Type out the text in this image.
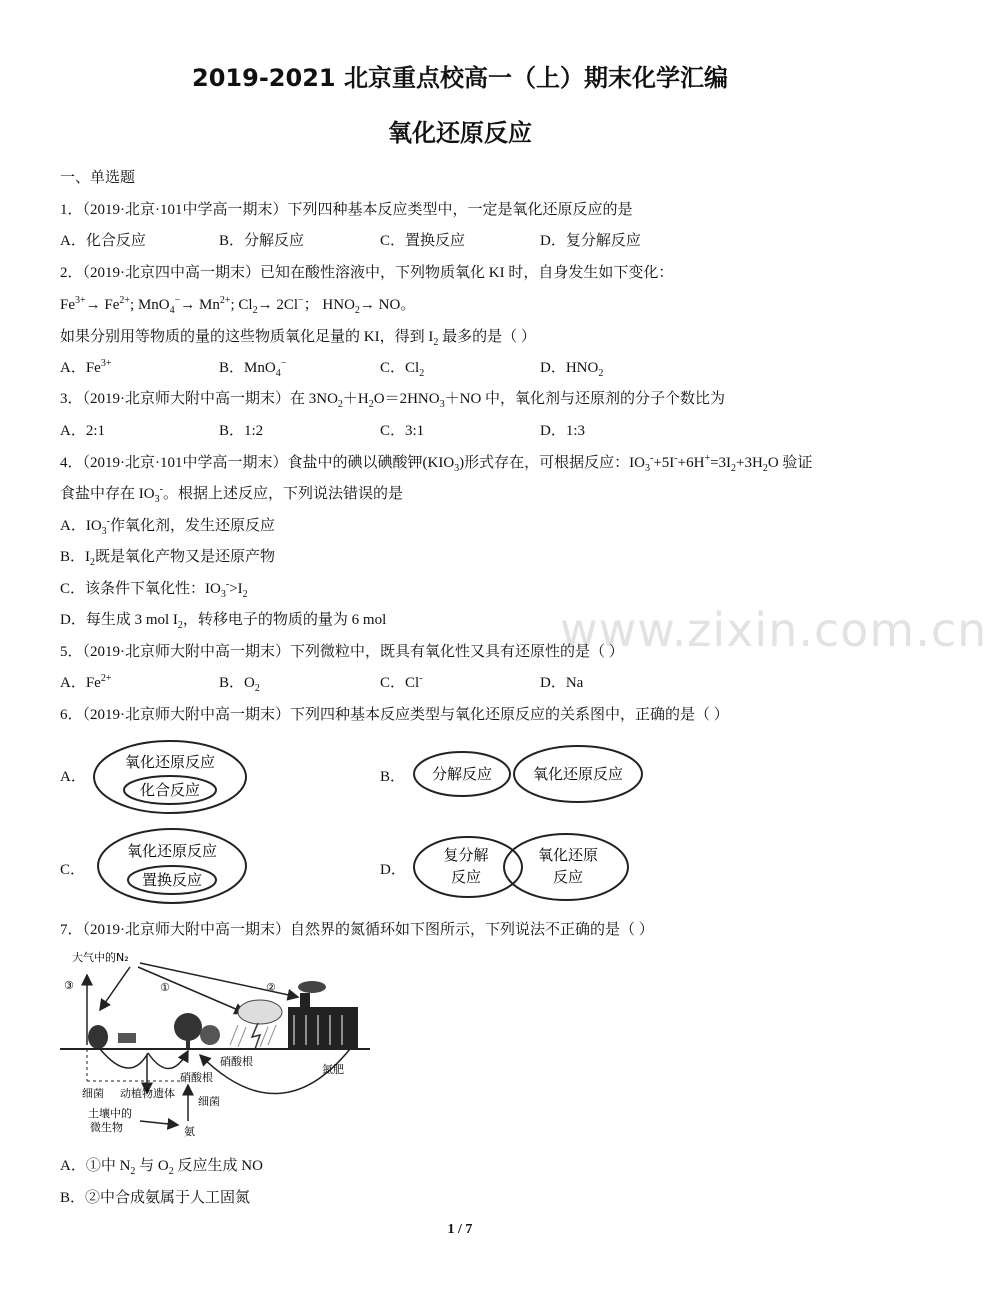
2019-2021 北京重点校高一（上）期末化学汇编
氧化还原反应
一、单选题
1．（2019·北京·101中学高一期末）下列四种基本反应类型中，一定是氧化还原反应的是
A．化合反应	B．分解反应	C．置换反应	D．复分解反应
2．（2019·北京四中高一期末）已知在酸性溶液中，下列物质氧化 KI 时，自身发生如下变化：
$Fe^{3+}\to Fe^{2+}$; $MnO_4^-\to Mn^{2+}$; $Cl_2\to 2Cl^-$； $HNO_2\to$ NO。
如果分别用等物质的量的这些物质氧化足量的 KI，得到 $I_2$ 最多的是（ ）
A．$Fe^{3+}$	B．MnO$_4$−	C．$Cl_2$	D．$HNO_2$
3．（2019·北京师大附中高一期末）在 $3NO_2+H_2O=2HNO_3+NO$ 中，氧化剂与还原剂的分子个数比为
A．2:1	B．1:2	C．3:1	D．1:3
4．（2019·北京·101中学高一期末）食盐中的碘以碘酸钾$(KIO_3)$形式存在，可根据反应：$IO_3^-+5I^-+6H^+=3I_2+3H_2O$ 验证
食盐中存在 $IO_3^-$。根据上述反应，下列说法错误的是
A．$IO_3^-$作氧化剂，发生还原反应
B．$I_2$既是氧化产物又是还原产物
C．该条件下氧化性：$IO_3^->I_2$
D．每生成 3 mol $I_2$，转移电子的物质的量为 6 mol	www.zixin.com.cn
5．（2019·北京师大附中高一期末）下列微粒中，既具有氧化性又具有还原性的是（ ）
A．$Fe^{2+}$	B．$O_2$	C．Cl-	D．Na
6．（2019·北京师大附中高一期末）下列四种基本反应类型与氧化还原反应的关系图中，正确的是（ ）
A．
氧化还原反应
化合反应
B． 分解反应	氧化还原反应
C．
氧化还原反应
置换反应
D．
复分解
反应
氧化还原
反应
7．（2019·北京师大附中高一期末）自然界的氮循环如下图所示，下列说法不正确的是（ ）
大气中的N₂
③	①	②
硝酸根
硝酸根
氮肥
细菌 动植物遗体
细菌
土壤中的
微生物	氨
A．①中 $N_2$ 与 $O_2$ 反应生成 NO
B．②中合成氨属于人工固氮
1 / 7
